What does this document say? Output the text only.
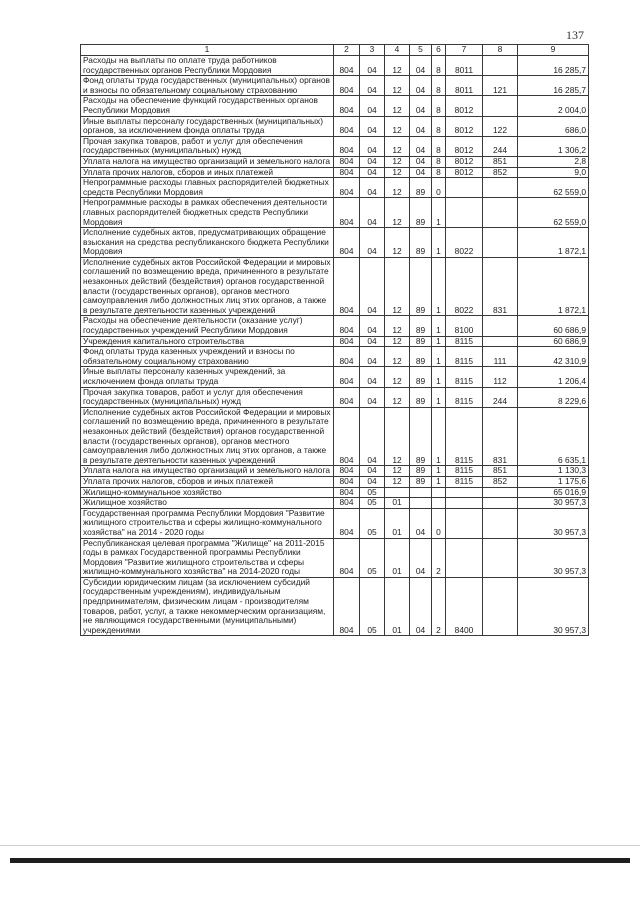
137
1	2	3	4	5	6	7	8	9
Расходы на выплаты по оплате труда работников государственных органов Республики Мордовия	804	04	12	04	8	8011		16 285,7
Фонд оплаты труда государственных (муниципальных) органов и взносы по обязательному социальному страхованию	804	04	12	04	8	8011	121	16 285,7
Расходы на обеспечение функций государственных органов Республики Мордовия	804	04	12	04	8	8012		2 004,0
Иные выплаты персоналу государственных (муниципальных) органов, за исключением фонда оплаты труда	804	04	12	04	8	8012	122	686,0
Прочая закупка товаров, работ и услуг для обеспечения государственных (муниципальных) нужд	804	04	12	04	8	8012	244	1 306,2
Уплата налога на имущество организаций и земельного налога	804	04	12	04	8	8012	851	2,8
Уплата прочих налогов, сборов и иных платежей	804	04	12	04	8	8012	852	9,0
Непрограммные расходы главных распорядителей бюджетных средств Республики Мордовия	804	04	12	89	0			62 559,0
Непрограммные расходы в рамках обеспечения деятельности главных распорядителей бюджетных средств Республики Мордовия	804	04	12	89	1			62 559,0
Исполнение судебных актов, предусматривающих обращение взыскания на средства республиканского бюджета Республики Мордовия	804	04	12	89	1	8022		1 872,1
Исполнение судебных актов Российской Федерации и мировых соглашений по возмещению вреда, причиненного в результате незаконных действий (бездействия) органов государственной власти (государственных органов), органов местного самоуправления либо должностных лиц этих органов, а также в результате деятельности казенных учреждений	804	04	12	89	1	8022	831	1 872,1
Расходы на обеспечение деятельности (оказание услуг) государственных учреждений Республики Мордовия	804	04	12	89	1	8100		60 686,9
Учреждения капитального строительства	804	04	12	89	1	8115		60 686,9
Фонд оплаты труда казенных учреждений и взносы по обязательному социальному страхованию	804	04	12	89	1	8115	111	42 310,9
Иные выплаты персоналу казенных учреждений, за исключением фонда оплаты труда	804	04	12	89	1	8115	112	1 206,4
Прочая закупка товаров, работ и услуг для обеспечения государственных (муниципальных) нужд	804	04	12	89	1	8115	244	8 229,6
Исполнение судебных актов Российской Федерации и мировых соглашений по возмещению вреда, причиненного в результате незаконных действий (бездействия) органов государственной власти (государственных органов), органов местного самоуправления либо должностных лиц этих органов, а также в результате деятельности казенных учреждений	804	04	12	89	1	8115	831	6 635,1
Уплата налога на имущество организаций и земельного налога	804	04	12	89	1	8115	851	1 130,3
Уплата прочих налогов, сборов и иных платежей	804	04	12	89	1	8115	852	1 175,6
Жилищно-коммунальное хозяйство	804	05						65 016,9
Жилищное хозяйство	804	05	01					30 957,3
Государственная программа Республики Мордовия "Развитие жилищного строительства и сферы жилищно-коммунального хозяйства" на 2014 - 2020 годы	804	05	01	04	0			30 957,3
Республиканская целевая программа "Жилище" на 2011-2015 годы в рамках Государственной программы Республики Мордовия "Развитие жилищного строительства и сферы жилищно-коммунального хозяйства" на 2014-2020 годы	804	05	01	04	2			30 957,3
Субсидии юридическим лицам (за исключением субсидий государственным учреждениям), индивидуальным предпринимателям, физическим лицам - производителям товаров, работ, услуг, а также некоммерческим организациям, не являющимся государственными (муниципальными) учреждениями	804	05	01	04	2	8400		30 957,3
